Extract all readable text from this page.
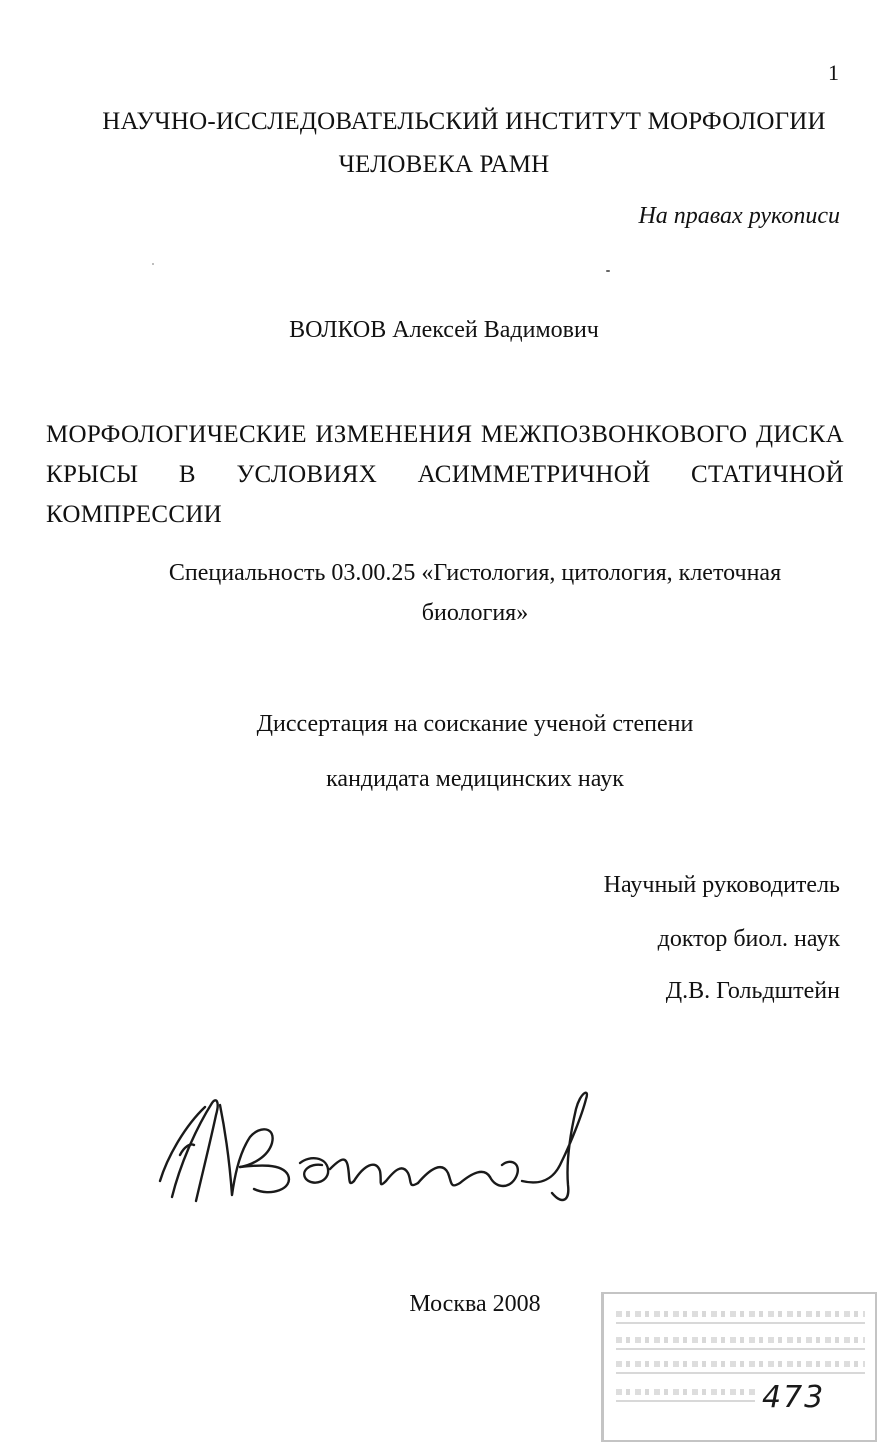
1
НАУЧНО-ИССЛЕДОВАТЕЛЬСКИЙ ИНСТИТУТ МОРФОЛОГИИ
ЧЕЛОВЕКА РАМН
На правах рукописи
ВОЛКОВ Алексей Вадимович
МОРФОЛОГИЧЕСКИЕ ИЗМЕНЕНИЯ МЕЖПОЗВОНКОВОГО ДИСКА КРЫСЫ В УСЛОВИЯХ АСИММЕТРИЧНОЙ СТАТИЧНОЙ КОМПРЕССИИ
Специальность 03.00.25 «Гистология, цитология, клеточная
биология»
Диссертация на соискание ученой степени
кандидата медицинских наук
Научный руководитель
доктор биол. наук
Д.В. Гольдштейн
Москва 2008
473
